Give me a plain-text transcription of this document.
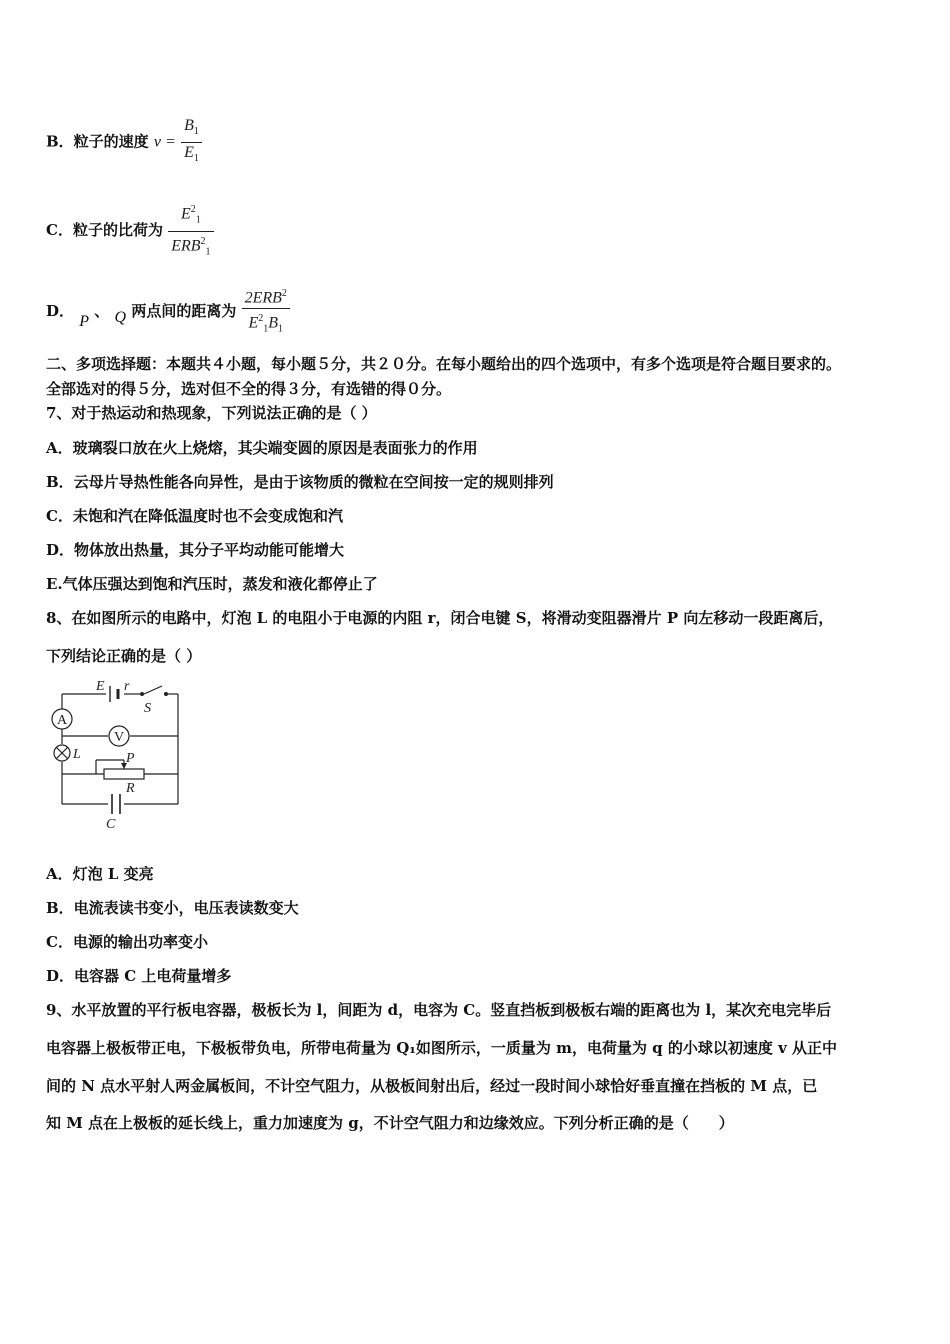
B．粒子的速度 $v = \frac{B_1}{E_1}$
C．粒子的比荷为 $\frac{E^2_1}{ERB^2_1}$
D． P 、 Q 两点间的距离为 $\frac{2ERB^2}{E^2_1B_1}$
二、多项选择题：本题共４小题，每小题５分，共２０分。在每小题给出的四个选项中，有多个选项是符合题目要求的。
全部选对的得５分，选对但不全的得３分，有选错的得０分。
7、对于热运动和热现象，下列说法正确的是（ ）
A．玻璃裂口放在火上烧熔，其尖端变圆的原因是表面张力的作用
B．云母片导热性能各向异性，是由于该物质的微粒在空间按一定的规则排列
C．未饱和汽在降低温度时也不会变成饱和汽
D．物体放出热量，其分子平均动能可能增大
E.气体压强达到饱和汽压时，蒸发和液化都停止了
8、在如图所示的电路中，灯泡 L 的电阻小于电源的内阻 r，闭合电键 S，将滑动变阻器滑片 P 向左移动一段距离后，
下列结论正确的是（ ）
E r
S
A
V
L	P
R
C
A．灯泡 L 变亮
B．电流表读书变小，电压表读数变大
C．电源的输出功率变小
D．电容器 C 上电荷量增多
9、水平放置的平行板电容器，极板长为 l，间距为 d，电容为 C。竖直挡板到极板右端的距离也为 l，某次充电完毕后
电容器上极板带正电，下极板带负电，所带电荷量为 Q₁如图所示，一质量为 m，电荷量为 q 的小球以初速度 v 从正中
间的 N 点水平射人两金属板间，不计空气阻力，从极板间射出后，经过一段时间小球恰好垂直撞在挡板的 M 点，已
知 M 点在上极板的延长线上，重力加速度为 g，不计空气阻力和边缘效应。下列分析正确的是（　　）
